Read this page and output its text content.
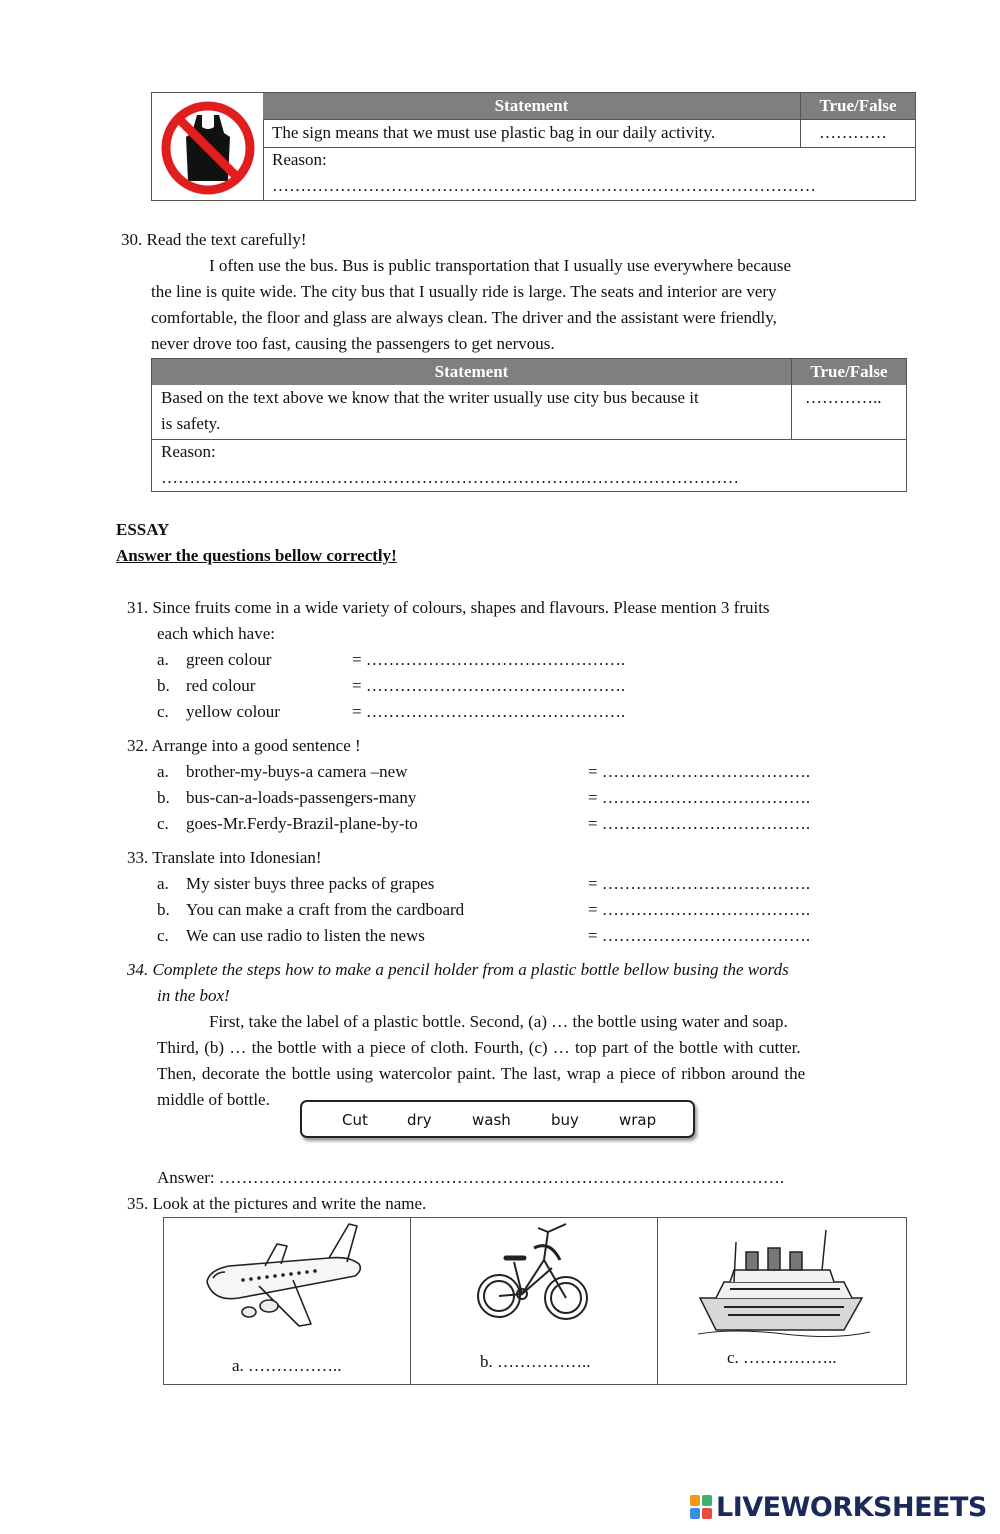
Statement	True/False
The sign means that we must use plastic bag in our daily activity.	…………
Reason:
……………………………………………………………………………………
30. Read the text carefully!
I often use the bus. Bus is public transportation that I usually use everywhere because
the line is quite wide. The city bus that I usually ride is large. The seats and interior are very
comfortable, the floor and glass are always clean. The driver and the assistant were friendly,
never drove too fast, causing the passengers to get nervous.
Statement	True/False
Based on the text above we know that the writer usually use city bus because it
is safety.
…………..
Reason:
…………………………………………………………………………………………
ESSAY
Answer the questions bellow correctly!
31. Since fruits come in a wide variety of colours, shapes and flavours. Please mention 3 fruits
each which have:
a. green colour	= ……………………………………….
b. red colour	= ……………………………………….
c. yellow colour	= ……………………………………….
32. Arrange into a good sentence !
a. brother-my-buys-a camera –new	= ……………………………….
b. bus-can-a-loads-passengers-many	= ……………………………….
c. goes-Mr.Ferdy-Brazil-plane-by-to	= ……………………………….
33. Translate into Idonesian!
a. My sister buys three packs of grapes	= ……………………………….
b. You can make a craft from the cardboard	= ……………………………….
c. We can use radio to listen the news	= ……………………………….
34. Complete the steps how to make a pencil holder from a plastic bottle bellow busing the words
in the box!
First, take the label of a plastic bottle. Second, (a) … the bottle using water and soap.
Third, (b) … the bottle with a piece of cloth. Fourth, (c) … top part of the bottle with cutter.
Then, decorate the bottle using watercolor paint. The last, wrap a piece of ribbon around the
middle of bottle.
Cut	dry	wash	buy	wrap
Answer: ……………………………………………………………………………………….
35. Look at the pictures and write the name.
a. ……………..	b. ……………..	c. ……………..
LIVEWORKSHEETS
